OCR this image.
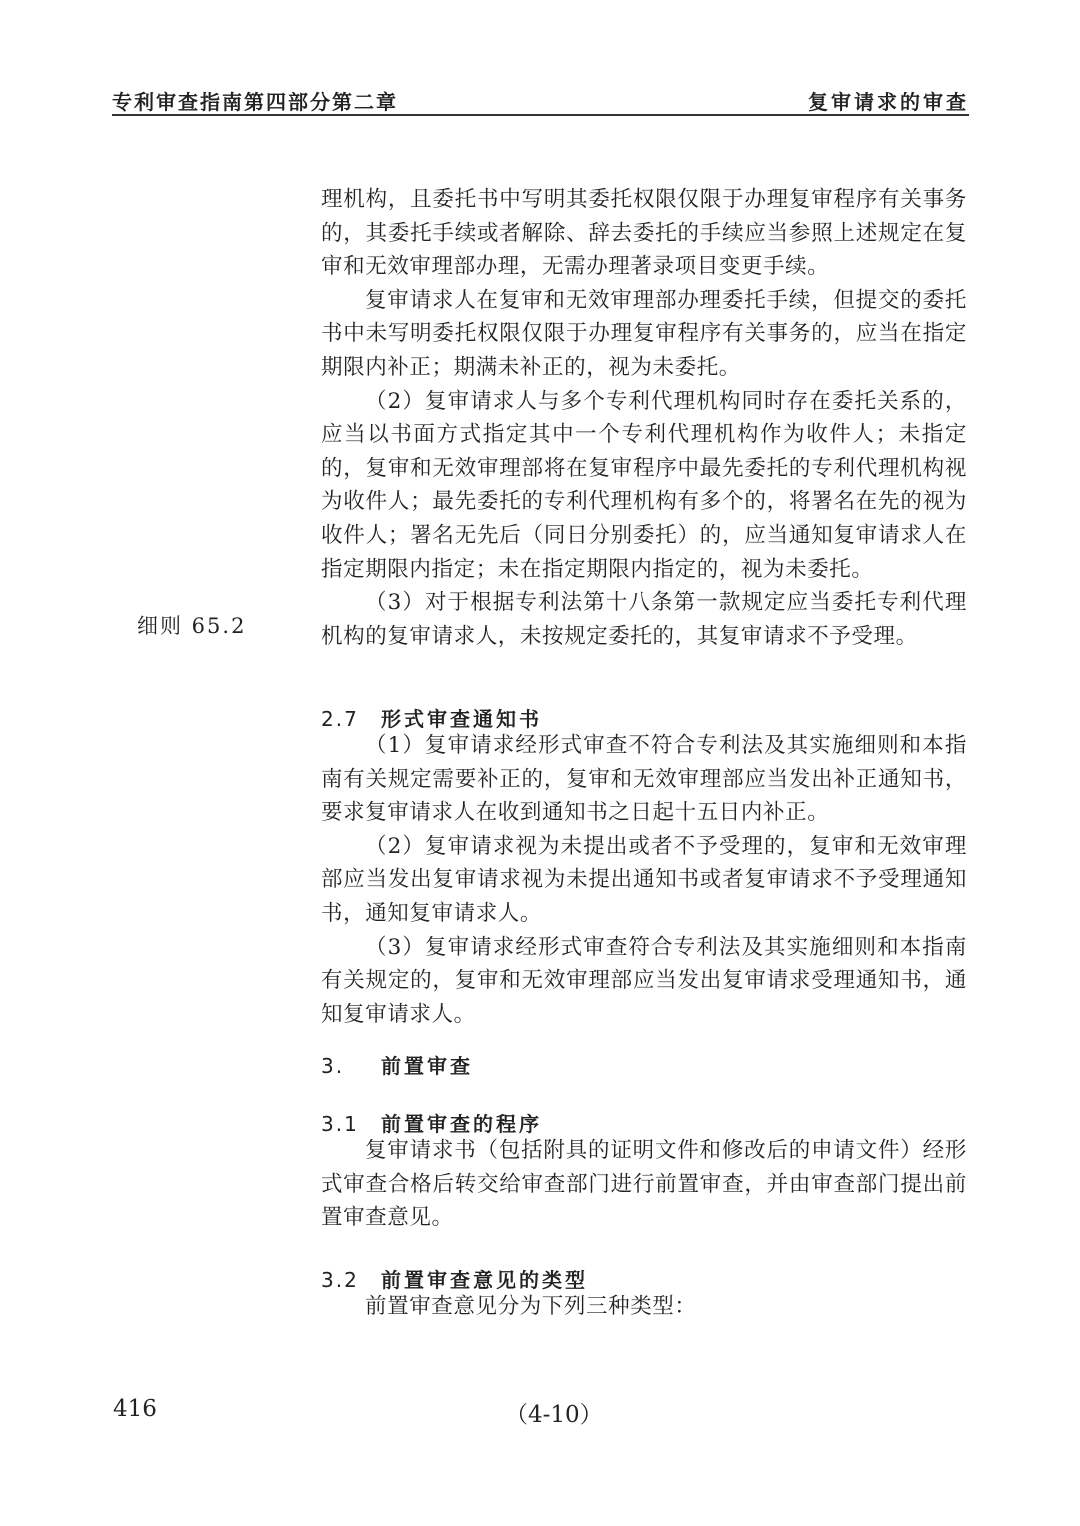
专利审查指南第四部分第二章	复审请求的审查

理机构，且委托书中写明其委托权限仅限于办理复审程序有关事务的，其委托手续或者解除、辞去委托的手续应当参照上述规定在复审和无效审理部办理，无需办理著录项目变更手续。

复审请求人在复审和无效审理部办理委托手续，但提交的委托书中未写明委托权限仅限于办理复审程序有关事务的，应当在指定期限内补正；期满未补正的，视为未委托。

（2）复审请求人与多个专利代理机构同时存在委托关系的，应当以书面方式指定其中一个专利代理机构作为收件人；未指定的，复审和无效审理部将在复审程序中最先委托的专利代理机构视为收件人；最先委托的专利代理机构有多个的，将署名在先的视为收件人；署名无先后（同日分别委托）的，应当通知复审请求人在指定期限内指定；未在指定期限内指定的，视为未委托。

（3）对于根据专利法第十八条第一款规定应当委托专利代理机构的复审请求人，未按规定委托的，其复审请求不予受理。

细则 65.2
2.7 形式审查通知书

（1）复审请求经形式审查不符合专利法及其实施细则和本指南有关规定需要补正的，复审和无效审理部应当发出补正通知书，要求复审请求人在收到通知书之日起十五日内补正。

（2）复审请求视为未提出或者不予受理的，复审和无效审理部应当发出复审请求视为未提出通知书或者复审请求不予受理通知书，通知复审请求人。

（3）复审请求经形式审查符合专利法及其实施细则和本指南有关规定的，复审和无效审理部应当发出复审请求受理通知书，通知复审请求人。

3. 前置审查
3.1 前置审查的程序

复审请求书（包括附具的证明文件和修改后的申请文件）经形式审查合格后转交给审查部门进行前置审查，并由审查部门提出前置审查意见。

3.2 前置审查意见的类型

前置审查意见分为下列三种类型：

416	（4-10）
